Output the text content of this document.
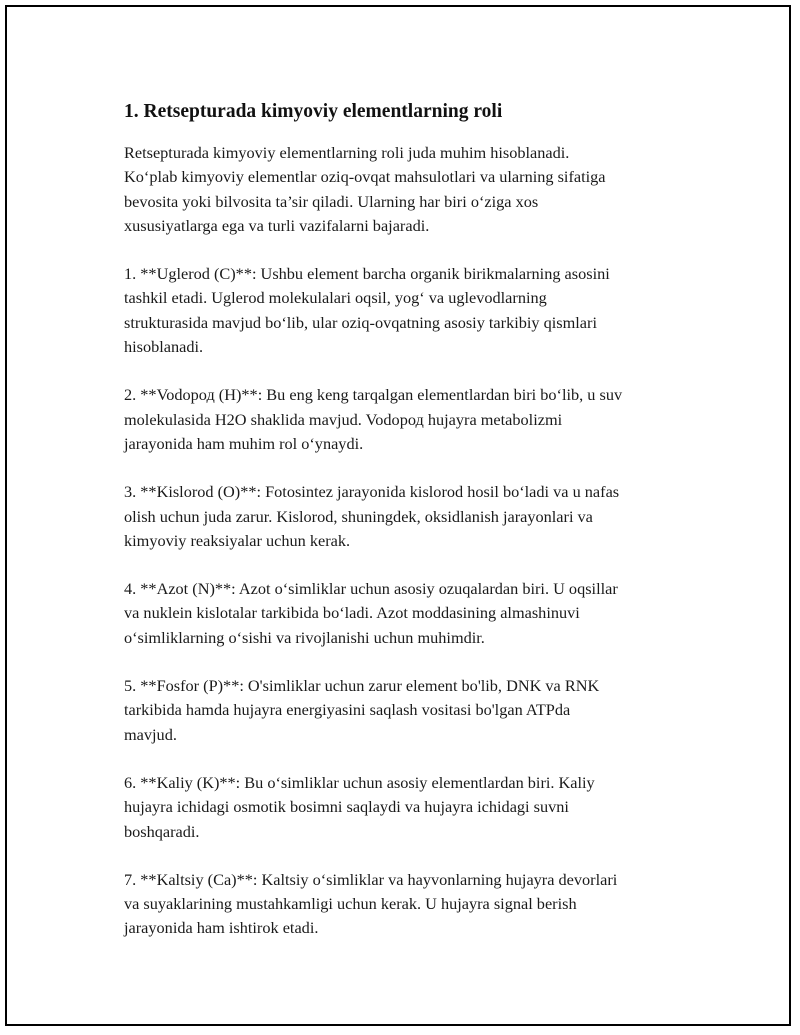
1. Retsepturada kimyoviy elementlarning roli

Retsepturada kimyoviy elementlarning roli juda muhim hisoblanadi.
Ko‘plab kimyoviy elementlar oziq-ovqat mahsulotlari va ularning sifatiga
bevosita yoki bilvosita ta’sir qiladi. Ularning har biri o‘ziga xos
xususiyatlarga ega va turli vazifalarni bajaradi.

1. **Uglerod (C)**: Ushbu element barcha organik birikmalarning asosini
tashkil etadi. Uglerod molekulalari oqsil, yog‘ va uglevodlarning
strukturasida mavjud bo‘lib, ular oziq-ovqatning asosiy tarkibiy qismlari
hisoblanadi.

2. **Vodoрод (H)**: Bu eng keng tarqalgan elementlardan biri bo‘lib, u suv
molekulasida H2O shaklida mavjud. Vodoрод hujayra metabolizmi
jarayonida ham muhim rol o‘ynaydi.

3. **Kislorod (O)**: Fotosintez jarayonida kislorod hosil bo‘ladi va u nafas
olish uchun juda zarur. Kislorod, shuningdek, oksidlanish jarayonlari va
kimyoviy reaksiyalar uchun kerak.

4. **Azot (N)**: Azot o‘simliklar uchun asosiy ozuqalardan biri. U oqsillar
va nuklein kislotalar tarkibida bo‘ladi. Azot moddasining almashinuvi
o‘simliklarning o‘sishi va rivojlanishi uchun muhimdir.

5. **Fosfor (P)**: O'simliklar uchun zarur element bo'lib, DNK va RNK
tarkibida hamda hujayra energiyasini saqlash vositasi bo'lgan ATPda
mavjud.

6. **Kaliy (K)**: Bu o‘simliklar uchun asosiy elementlardan biri. Kaliy
hujayra ichidagi osmotik bosimni saqlaydi va hujayra ichidagi suvni
boshqaradi.

7. **Kaltsiy (Ca)**: Kaltsiy o‘simliklar va hayvonlarning hujayra devorlari
va suyaklarining mustahkamligi uchun kerak. U hujayra signal berish
jarayonida ham ishtirok etadi.
